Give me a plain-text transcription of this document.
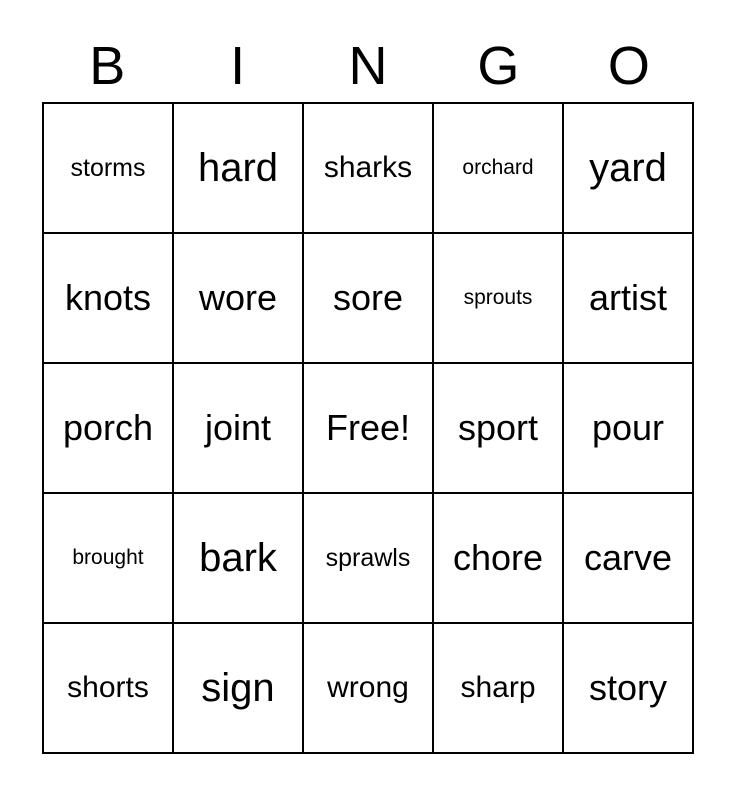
B	I	N	G	O
storms hard sharks orchard yard
knots wore sore	sprouts artist
porch joint Free! sport pour
brought bark sprawls chore carve
shorts sign wrong sharp story
